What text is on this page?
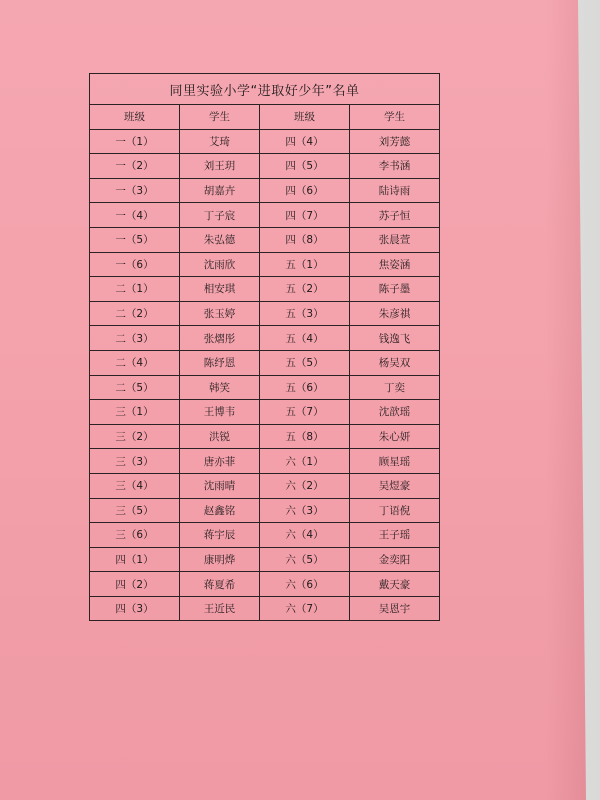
同里实验小学“进取好少年”名单			
班级	学生	班级	学生
一（1）	艾琦	四（4）	刘芳懿
一（2）	刘王玥	四（5）	李书涵
一（3）	胡嘉卉	四（6）	陆诗雨
一（4）	丁子宸	四（7）	苏子恒
一（5）	朱弘德	四（8）	张晨萱
一（6）	沈雨欣	五（1）	焦姿涵
二（1）	相安琪	五（2）	陈子墨
二（2）	张玉婷	五（3）	朱彦祺
二（3）	张熠彤	五（4）	钱逸飞
二（4）	陈纾恩	五（5）	杨吴双
二（5）	韩笑	五（6）	丁奕
三（1）	王博韦	五（7）	沈歆瑶
三（2）	洪锐	五（8）	朱心妍
三（3）	唐亦菲	六（1）	顾星瑶
三（4）	沈雨晴	六（2）	吴煜豪
三（5）	赵鑫铭	六（3）	丁语倪
三（6）	蒋宇辰	六（4）	王子瑶
四（1）	康明烨	六（5）	金奕阳
四（2）	蒋夏希	六（6）	戴天豪
四（3）	王近民	六（7）	吴恩宇
